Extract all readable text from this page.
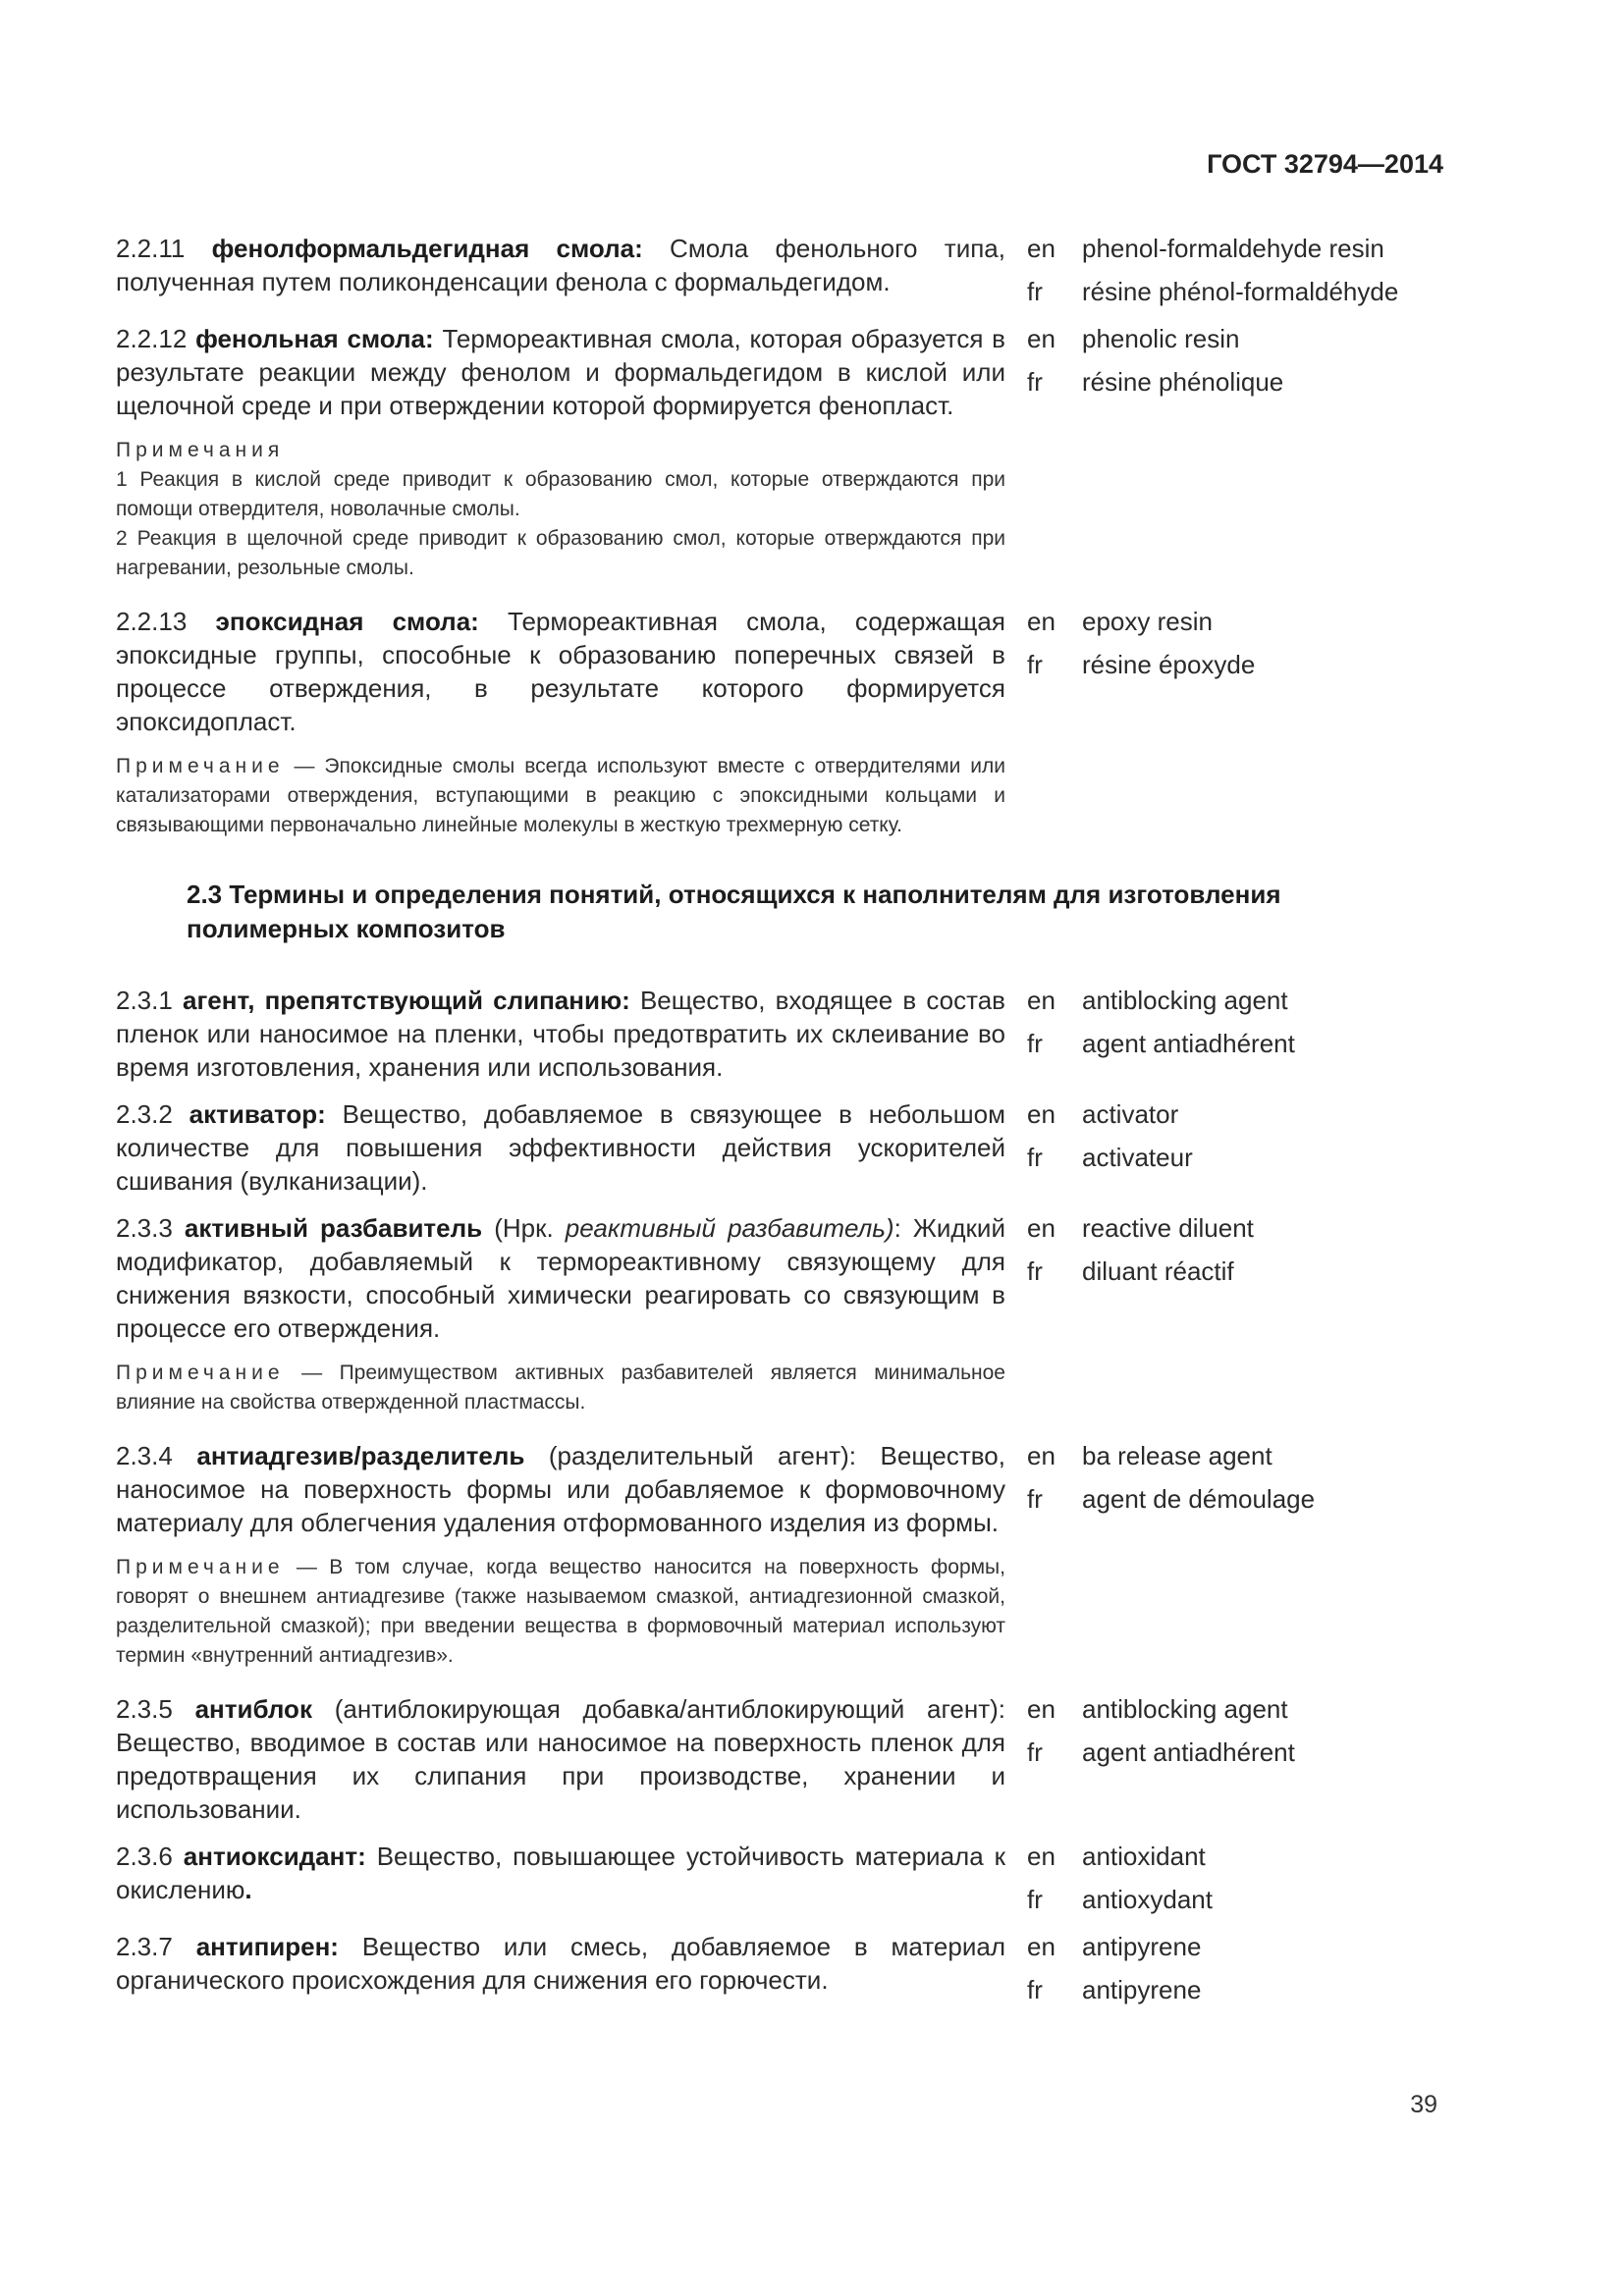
ГОСТ 32794—2014

2.2.11 фенолформальдегидная смола: Смола фенольного типа, полученная путем поликонденсации фенола с формальдегидом.

en	phenol-formaldehyde resin
fr	résine phénol-formaldéhyde

2.2.12 фенольная смола: Термореактивная смола, которая образуется в результате реакции между фенолом и формальдегидом в кислой или щелочной среде и при отверждении которой формируется фенопласт.

Примечания
1 Реакция в кислой среде приводит к образованию смол, которые отверждаются при помощи отвердителя, новолачные смолы.
2 Реакция в щелочной среде приводит к образованию смол, которые отверждаются при нагревании, резольные смолы.
en	phenolic resin
fr	résine phénolique

2.2.13 эпоксидная смола: Термореактивная смола, содержащая эпоксидные группы, способные к образованию поперечных связей в процессе отверждения, в результате которого формируется эпоксидопласт.

Примечание — Эпоксидные смолы всегда используют вместе с отвердителями или катализаторами отверждения, вступающими в реакцию с эпоксидными кольцами и связывающими первоначально линейные молекулы в жесткую трехмерную сетку.
en	epoxy resin
fr	résine époxyde
2.3 Термины и определения понятий, относящихся к наполнителям для изготовления полимерных композитов

2.3.1 агент, препятствующий слипанию: Вещество, входящее в состав пленок или наносимое на пленки, чтобы предотвратить их склеивание во время изготовления, хранения или использования.

en	antiblocking agent
fr	agent antiadhérent

2.3.2 активатор: Вещество, добавляемое в связующее в небольшом количестве для повышения эффективности действия ускорителей сшивания (вулканизации).

en	activator
fr	activateur

2.3.3 активный разбавитель (Нрк. реактивный разбавитель): Жидкий модификатор, добавляемый к термореактивному связующему для снижения вязкости, способный химически реагировать со связующим в процессе его отверждения.

Примечание — Преимуществом активных разбавителей является минимальное влияние на свойства отвержденной пластмассы.
en	reactive diluent
fr	diluant réactif

2.3.4 антиадгезив/разделитель (разделительный агент): Вещество, наносимое на поверхность формы или добавляемое к формовочному материалу для облегчения удаления отформованного изделия из формы.

Примечание — В том случае, когда вещество наносится на поверхность формы, говорят о внешнем антиадгезиве (также называемом смазкой, антиадгезионной смазкой, разделительной смазкой); при введении вещества в формовочный материал используют термин «внутренний антиадгезив».
en	ba release agent
fr	agent de démoulage

2.3.5 антиблок (антиблокирующая добавка/антиблокирующий агент): Вещество, вводимое в состав или наносимое на поверхность пленок для предотвращения их слипания при производстве, хранении и использовании.

en	antiblocking agent
fr	agent antiadhérent

2.3.6 антиоксидант: Вещество, повышающее устойчивость материала к окислению.

en	antioxidant
fr	antioxydant

2.3.7 антипирен: Вещество или смесь, добавляемое в материал органического происхождения для снижения его горючести.

en	antipyrene
fr	antipyrene
39
